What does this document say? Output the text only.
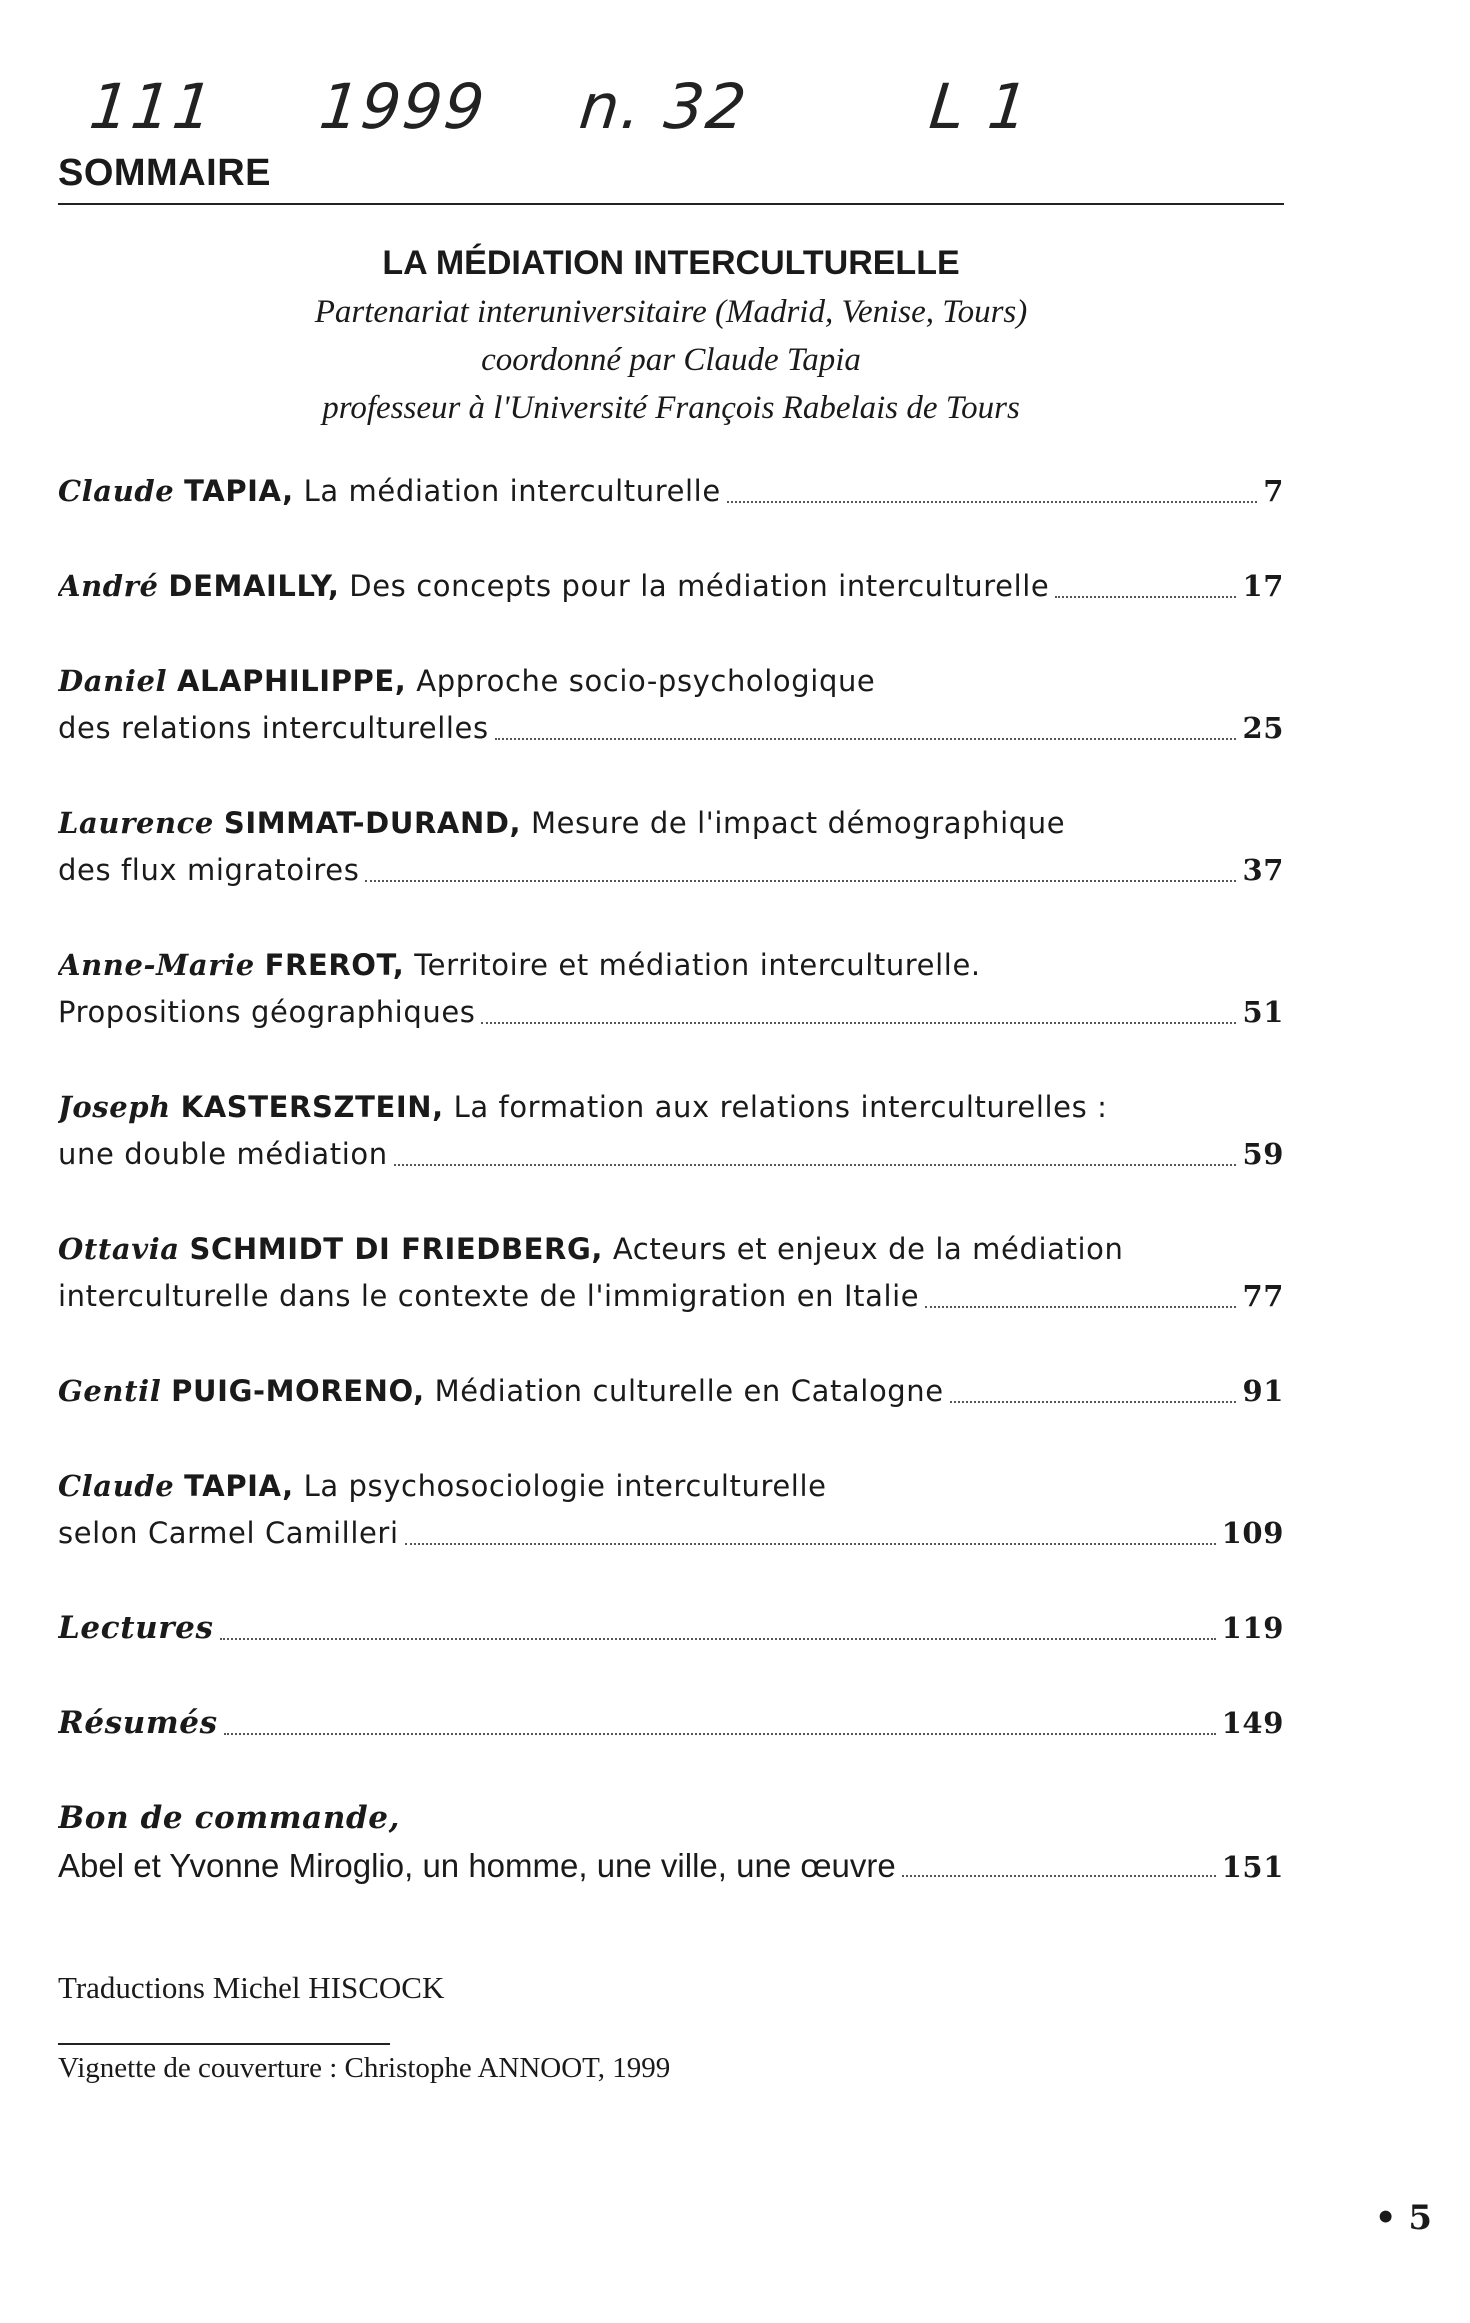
111 1999 n. 32	L 1
SOMMAIRE
LA MÉDIATION INTERCULTURELLE
Partenariat interuniversitaire (Madrid, Venise, Tours)
coordonné par Claude Tapia
professeur à l'Université François Rabelais de Tours
Claude TAPIA, La médiation interculturelle	7
André DEMAILLY, Des concepts pour la médiation interculturelle	17
Daniel ALAPHILIPPE, Approche socio-psychologique
des relations interculturelles	25
Laurence SIMMAT-DURAND, Mesure de l'impact démographique
des flux migratoires	37
Anne-Marie FREROT, Territoire et médiation interculturelle.
Propositions géographiques	51
Joseph KASTERSZTEIN, La formation aux relations interculturelles :
une double médiation	59
Ottavia SCHMIDT DI FRIEDBERG, Acteurs et enjeux de la médiation
interculturelle dans le contexte de l'immigration en Italie	77
Gentil PUIG-MORENO, Médiation culturelle en Catalogne	91
Claude TAPIA, La psychosociologie interculturelle
selon Carmel Camilleri	109
Lectures	119
Résumés	149
Bon de commande,
Abel et Yvonne Miroglio, un homme, une ville, une œuvre	151
Traductions Michel HISCOCK
Vignette de couverture : Christophe ANNOOT, 1999
• 5
